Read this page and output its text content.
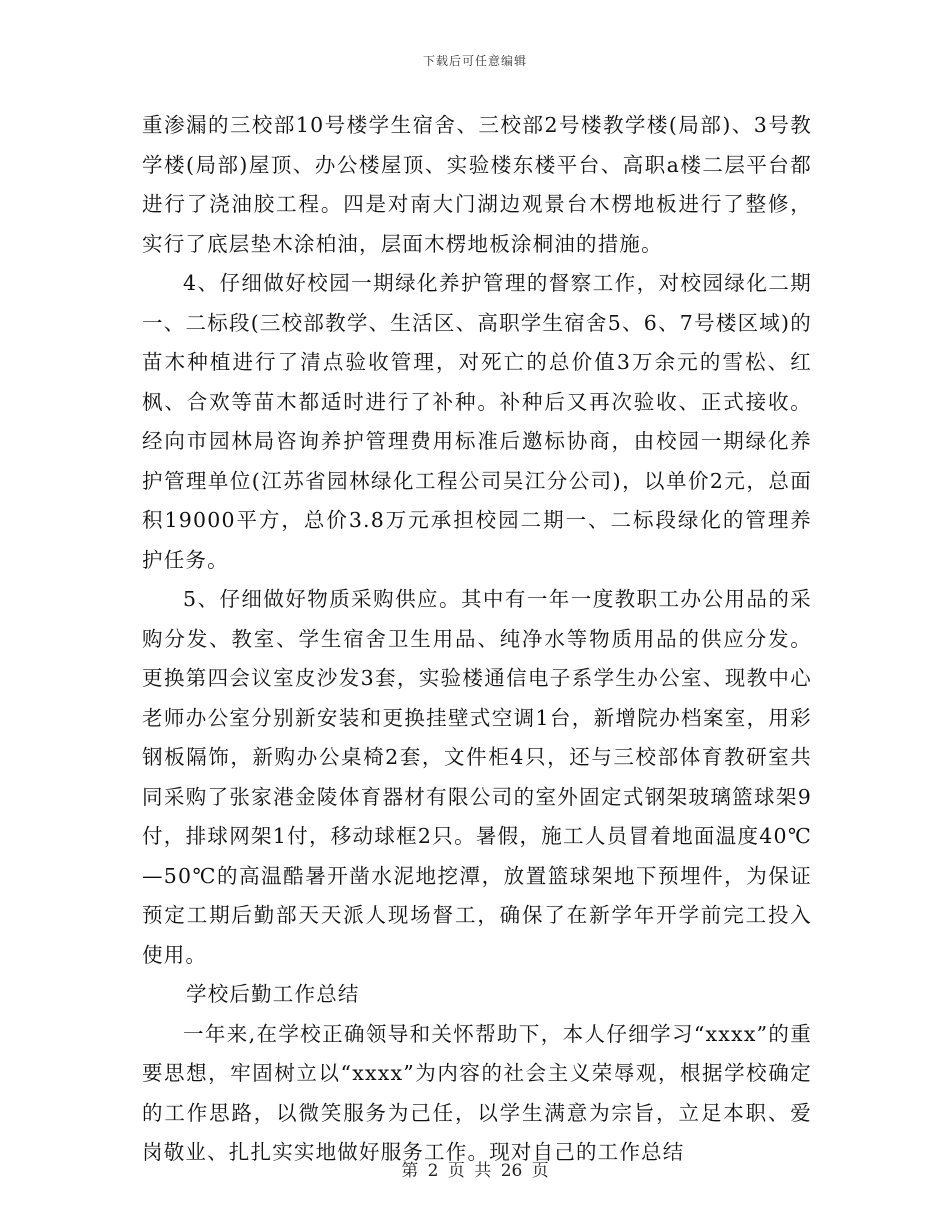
下载后可任意编辑

重渗漏的三校部10号楼学生宿舍、三校部2号楼教学楼(局部)、3号教学楼(局部)屋顶、办公楼屋顶、实验楼东楼平台、高职a楼二层平台都进行了浇油胶工程。四是对南大门湖边观景台木楞地板进行了整修，实行了底层垫木涂柏油，层面木楞地板涂桐油的措施。

4、仔细做好校园一期绿化养护管理的督察工作，对校园绿化二期一、二标段(三校部教学、生活区、高职学生宿舍5、6、7号楼区域)的苗木种植进行了清点验收管理，对死亡的总价值3万余元的雪松、红枫、合欢等苗木都适时进行了补种。补种后又再次验收、正式接收。经向市园林局咨询养护管理费用标准后邀标协商，由校园一期绿化养护管理单位(江苏省园林绿化工程公司吴江分公司)，以单价2元，总面积19000平方，总价3.8万元承担校园二期一、二标段绿化的管理养护任务。

5、仔细做好物质采购供应。其中有一年一度教职工办公用品的采购分发、教室、学生宿舍卫生用品、纯净水等物质用品的供应分发。更换第四会议室皮沙发3套，实验楼通信电子系学生办公室、现教中心老师办公室分别新安装和更换挂壁式空调1台，新增院办档案室，用彩钢板隔饰，新购办公桌椅2套，文件柜4只，还与三校部体育教研室共同采购了张家港金陵体育器材有限公司的室外固定式钢架玻璃篮球架9付，排球网架1付，移动球框2只。暑假，施工人员冒着地面温度40℃—50℃的高温酷暑开凿水泥地挖潭，放置篮球架地下预埋件，为保证预定工期后勤部天天派人现场督工，确保了在新学年开学前完工投入使用。

学校后勤工作总结

一年来,在学校正确领导和关怀帮助下，本人仔细学习“xxxx”的重要思想，牢固树立以“xxxx”为内容的社会主义荣辱观，根据学校确定的工作思路，以微笑服务为己任，以学生满意为宗旨，立足本职、爱岗敬业、扎扎实实地做好服务工作。现对自己的工作总结

第 2 页 共 26 页
